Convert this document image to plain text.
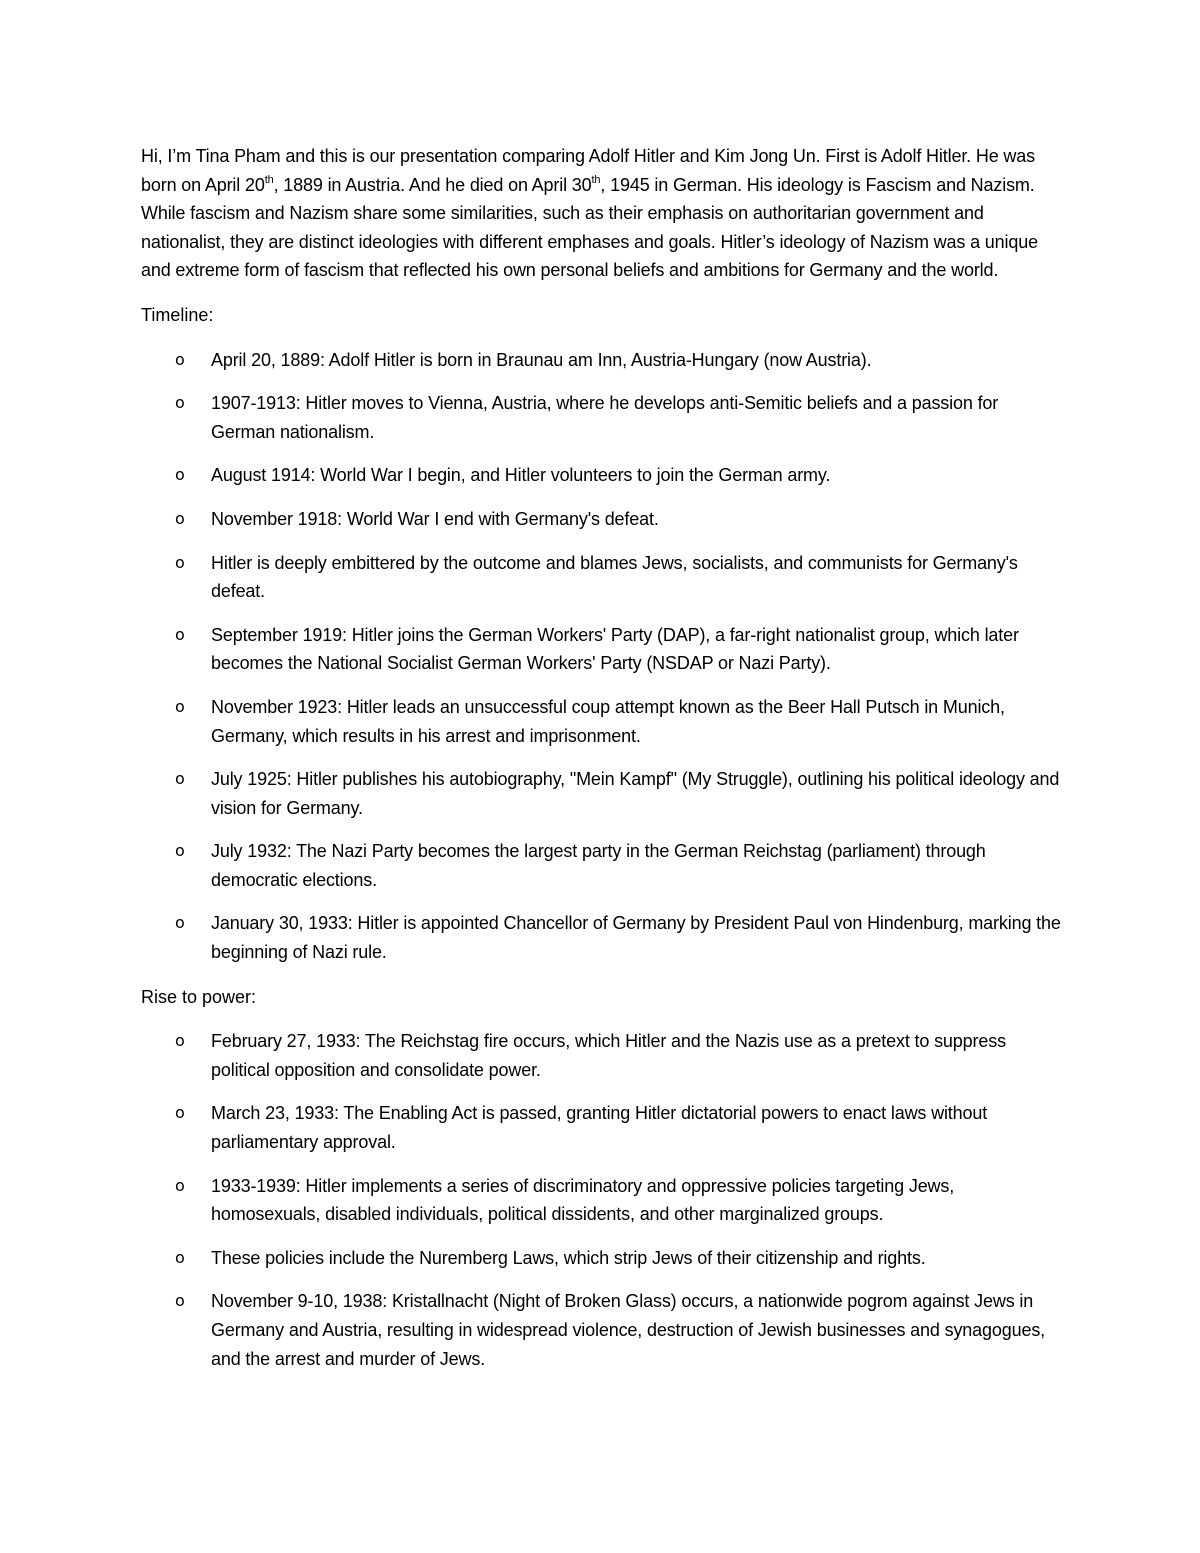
Hi, I’m Tina Pham and this is our presentation comparing Adolf Hitler and Kim Jong Un. First is Adolf Hitler. He was born on April 20th, 1889 in Austria. And he died on April 30th, 1945 in German. His ideology is Fascism and Nazism. While fascism and Nazism share some similarities, such as their emphasis on authoritarian government and nationalist, they are distinct ideologies with different emphases and goals. Hitler’s ideology of Nazism was a unique and extreme form of fascism that reflected his own personal beliefs and ambitions for Germany and the world.

Timeline:

o April 20, 1889: Adolf Hitler is born in Braunau am Inn, Austria-Hungary (now Austria).
o 1907-1913: Hitler moves to Vienna, Austria, where he develops anti-Semitic beliefs and a passion for German nationalism.
o August 1914: World War I begin, and Hitler volunteers to join the German army.
o November 1918: World War I end with Germany's defeat.
o Hitler is deeply embittered by the outcome and blames Jews, socialists, and communists for Germany's defeat.
o September 1919: Hitler joins the German Workers' Party (DAP), a far-right nationalist group, which later becomes the National Socialist German Workers' Party (NSDAP or Nazi Party).
o November 1923: Hitler leads an unsuccessful coup attempt known as the Beer Hall Putsch in Munich, Germany, which results in his arrest and imprisonment.
o July 1925: Hitler publishes his autobiography, "Mein Kampf" (My Struggle), outlining his political ideology and vision for Germany.
o July 1932: The Nazi Party becomes the largest party in the German Reichstag (parliament) through democratic elections.
o January 30, 1933: Hitler is appointed Chancellor of Germany by President Paul von Hindenburg, marking the beginning of Nazi rule.

Rise to power:

o February 27, 1933: The Reichstag fire occurs, which Hitler and the Nazis use as a pretext to suppress political opposition and consolidate power.
o March 23, 1933: The Enabling Act is passed, granting Hitler dictatorial powers to enact laws without parliamentary approval.
o 1933-1939: Hitler implements a series of discriminatory and oppressive policies targeting Jews, homosexuals, disabled individuals, political dissidents, and other marginalized groups.
o These policies include the Nuremberg Laws, which strip Jews of their citizenship and rights.
o November 9-10, 1938: Kristallnacht (Night of Broken Glass) occurs, a nationwide pogrom against Jews in Germany and Austria, resulting in widespread violence, destruction of Jewish businesses and synagogues, and the arrest and murder of Jews.
